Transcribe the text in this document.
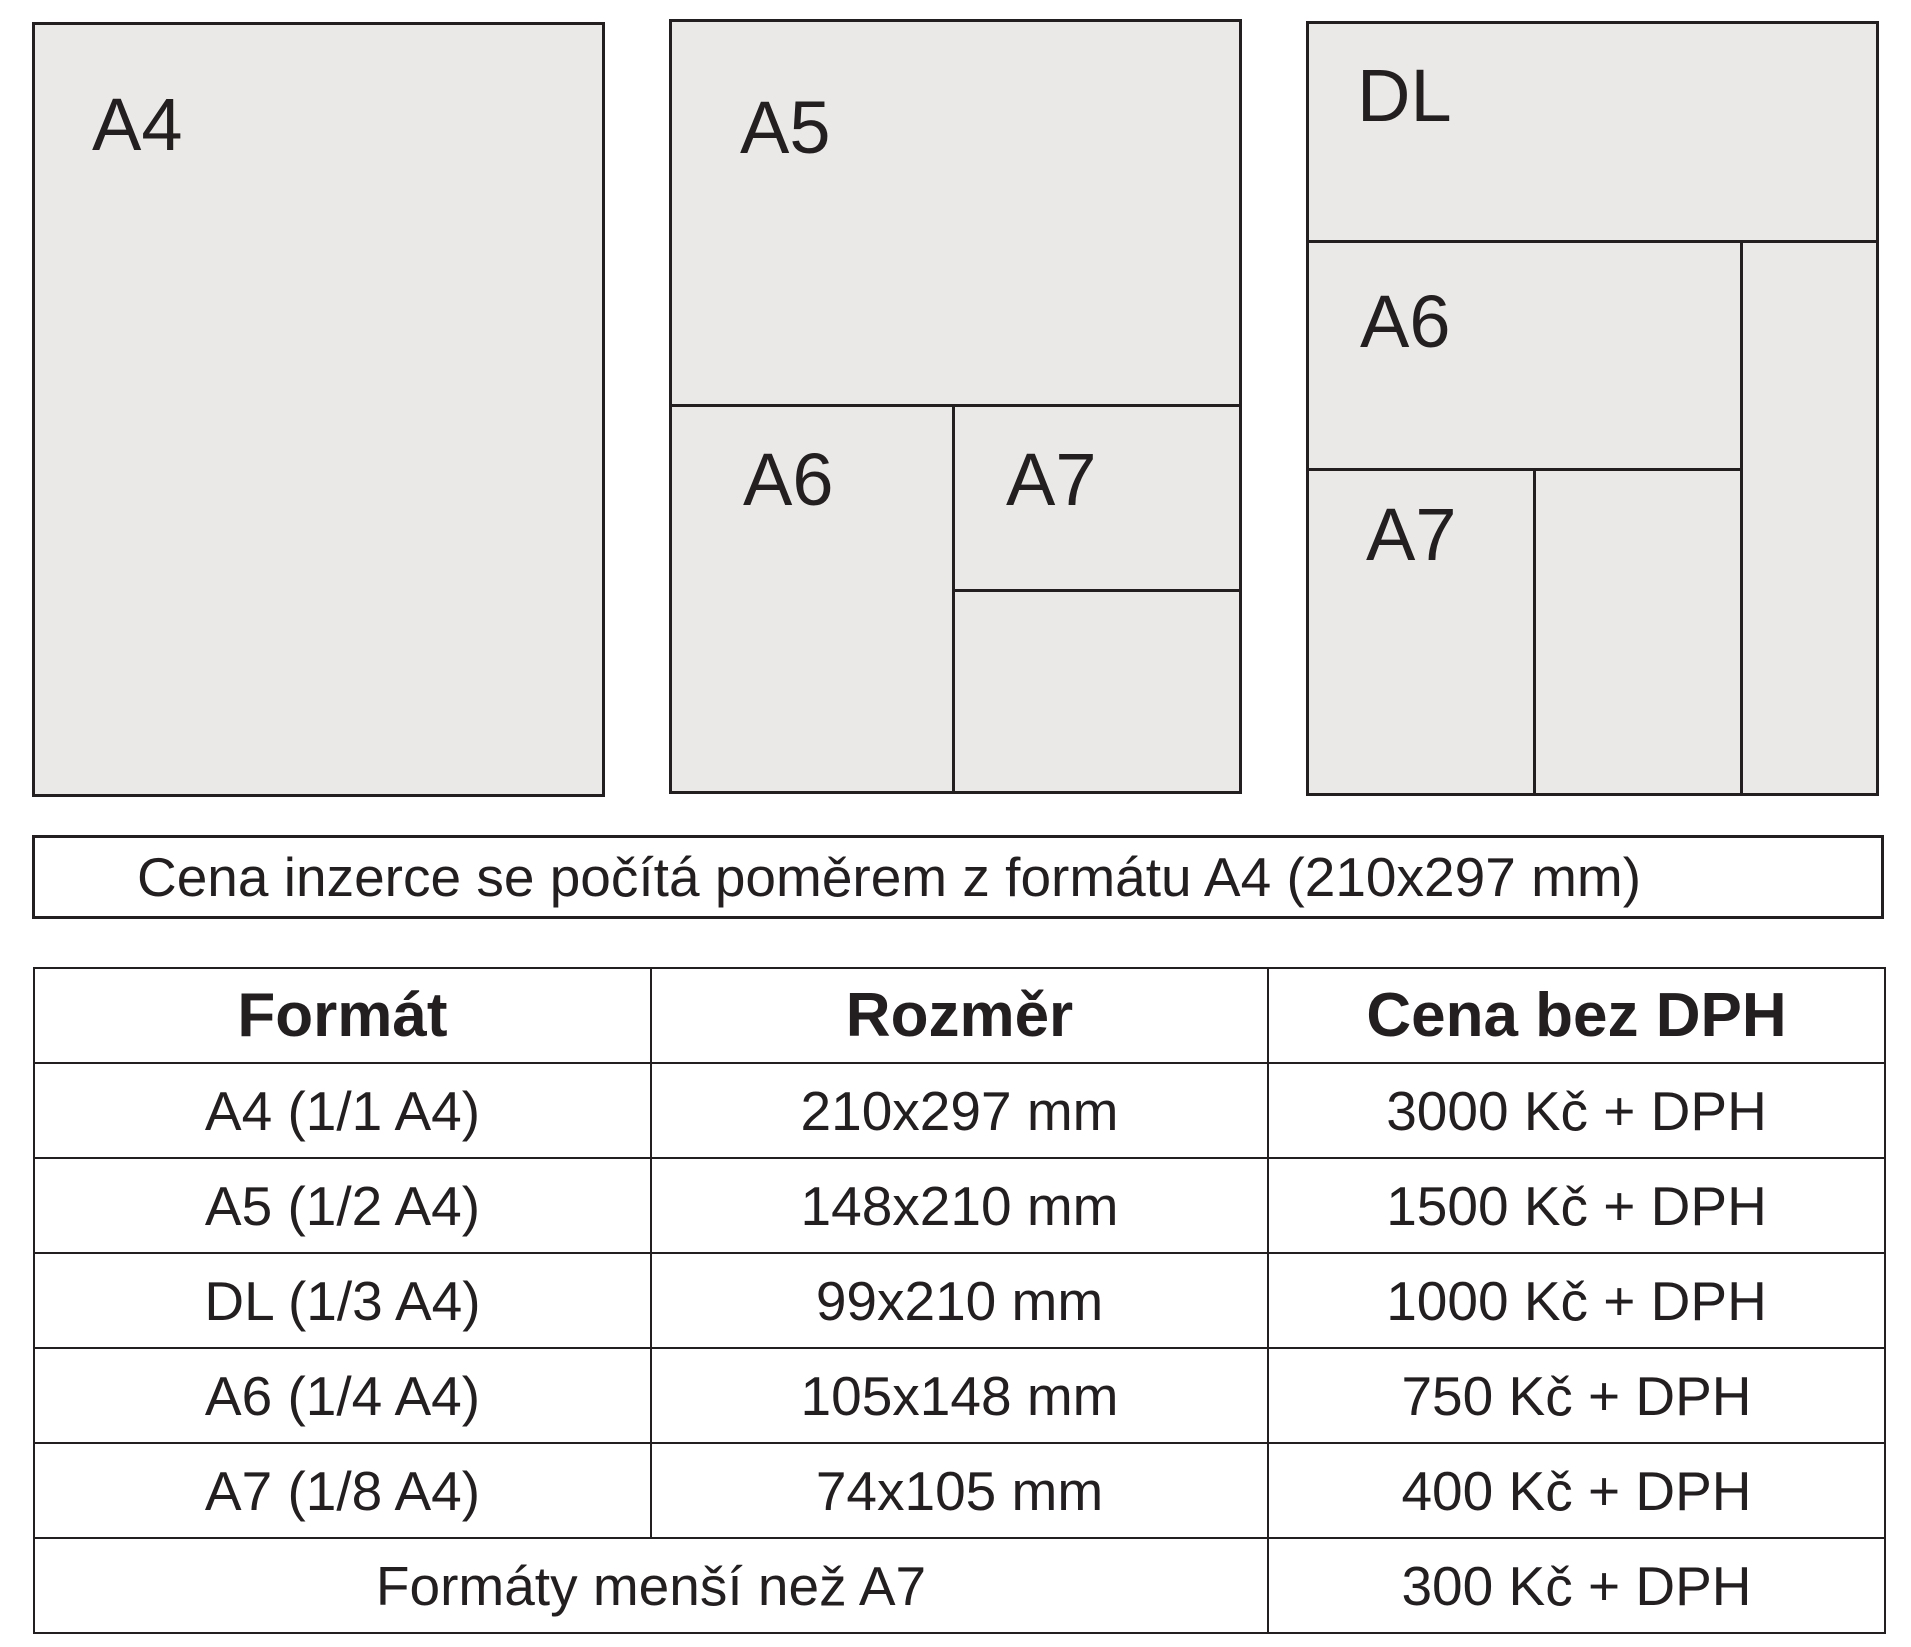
A4	A5
A6 A7
DL
A6
A7
Cena inzerce se počítá poměrem z formátu A4 (210x297 mm)
Formát	Rozměr	Cena bez DPH
A4 (1/1 A4)	210x297 mm	3000 Kč + DPH
A5 (1/2 A4)	148x210 mm	1500 Kč + DPH
DL (1/3 A4)	99x210 mm	1000 Kč + DPH
A6 (1/4 A4)	105x148 mm	750 Kč + DPH
A7 (1/8 A4)	74x105 mm	400 Kč + DPH
Formáty menší než A7		300 Kč + DPH
